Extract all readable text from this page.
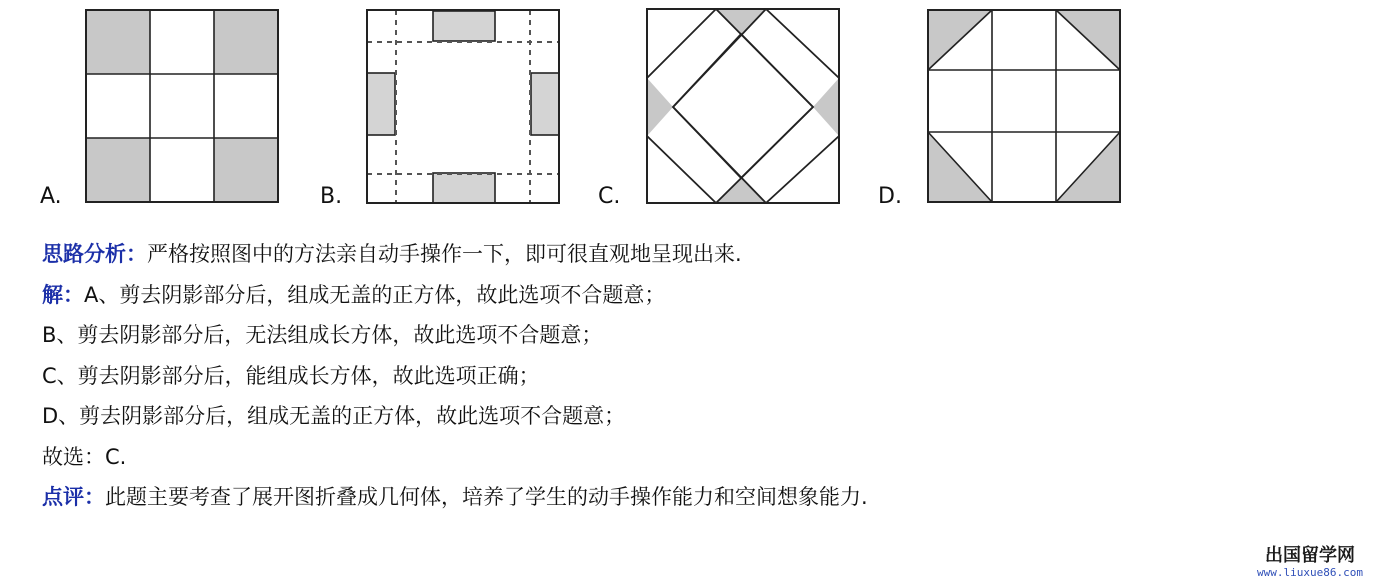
A.	B.	C.	D.
思路分析：严格按照图中的方法亲自动手操作一下，即可很直观地呈现出来.
解：A、剪去阴影部分后，组成无盖的正方体，故此选项不合题意；
B、剪去阴影部分后，无法组成长方体，故此选项不合题意；
C、剪去阴影部分后，能组成长方体，故此选项正确；
D、剪去阴影部分后，组成无盖的正方体，故此选项不合题意；
故选：C.
点评：此题主要考查了展开图折叠成几何体，培养了学生的动手操作能力和空间想象能力.
出国留学网
www.liuxue86.com
